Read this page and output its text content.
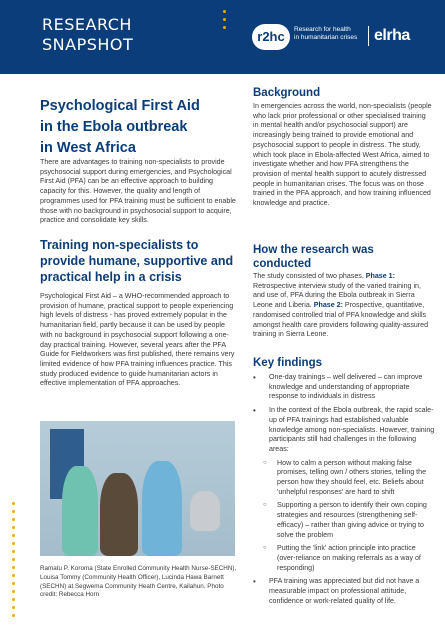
RESEARCH
SNAPSHOT	r2hc	Research for health
in humanitarian crises	elrha
Psychological First Aid
in the Ebola outbreak
in West Africa
There are advantages to training non-specialists to provide psychosocial support during emergencies, and Psychological First Aid (PFA) can be an effective approach to building capacity for this. However, the quality and length of programmes used for PFA training must be sufficient to enable those with no background in psychosocial support to acquire, practice and consolidate key skills.
Training non-specialists to provide humane, supportive and practical help in a crisis
Psychological First Aid – a WHO-recommended approach to provision of humane, practical support to people experiencing high levels of distress - has proved extremely popular in the humanitarian field, partly because it can be used by people with no background in psychosocial support following a one-day practical training. However, several years after the PFA Guide for Fieldworkers was first published, there remains very limited evidence of how PFA training influences practice. This study produced evidence to guide humanitarian actors in effective implementation of PFA approaches.
Ramatu P. Koroma (State Enrolled Community Health Nurse-SECHN), Louisa Tommy (Community Health Officer), Lucinda Hawa Barnett (SECHN) at Segwema Community Heath Centre, Kailahun. Photo credit: Rebecca Horn
Background
In emergencies across the world, non-specialists (people who lack prior professional or other specialised training in mental health and/or psychosocial support) are increasingly being trained to provide emotional and psychosocial support to people in distress. The study, which took place in Ebola-affected West Africa, aimed to investigate whether and how PFA strengthens the provision of mental health support to acutely distressed people in humanitarian crises. The focus was on those trained in the PFA approach, and how training influenced knowledge and practice.
How the research was conducted
The study consisted of two phases. Phase 1: Retrospective interview study of the varied training in, and use of, PFA during the Ebola outbreak in Sierra Leone and Liberia. Phase 2: Prospective, quantitative, randomised controlled trial of PFA knowledge and skills amongst health care providers following quality-assured training in Sierra Leone.
Key findings
• One-day trainings – well delivered – can improve knowledge and understanding of appropriate response to individuals in distress
• In the context of the Ebola outbreak, the rapid scale-up of PFA trainings had established valuable knowledge among non-specialists. However, training participants still had challenges in the following areas:
○ How to calm a person without making false promises, telling own / others stories, telling the person how they should feel, etc. Beliefs about 'unhelpful responses' are hard to shift
○ Supporting a person to identify their own coping strategies and resources (strengthening self-efficacy) – rather than giving advice or trying to solve the problem
○ Putting the 'link' action principle into practice (over-reliance on making referrals as a way of responding)
• PFA training was appreciated but did not have a measurable impact on professional attitude, confidence or work-related quality of life.
